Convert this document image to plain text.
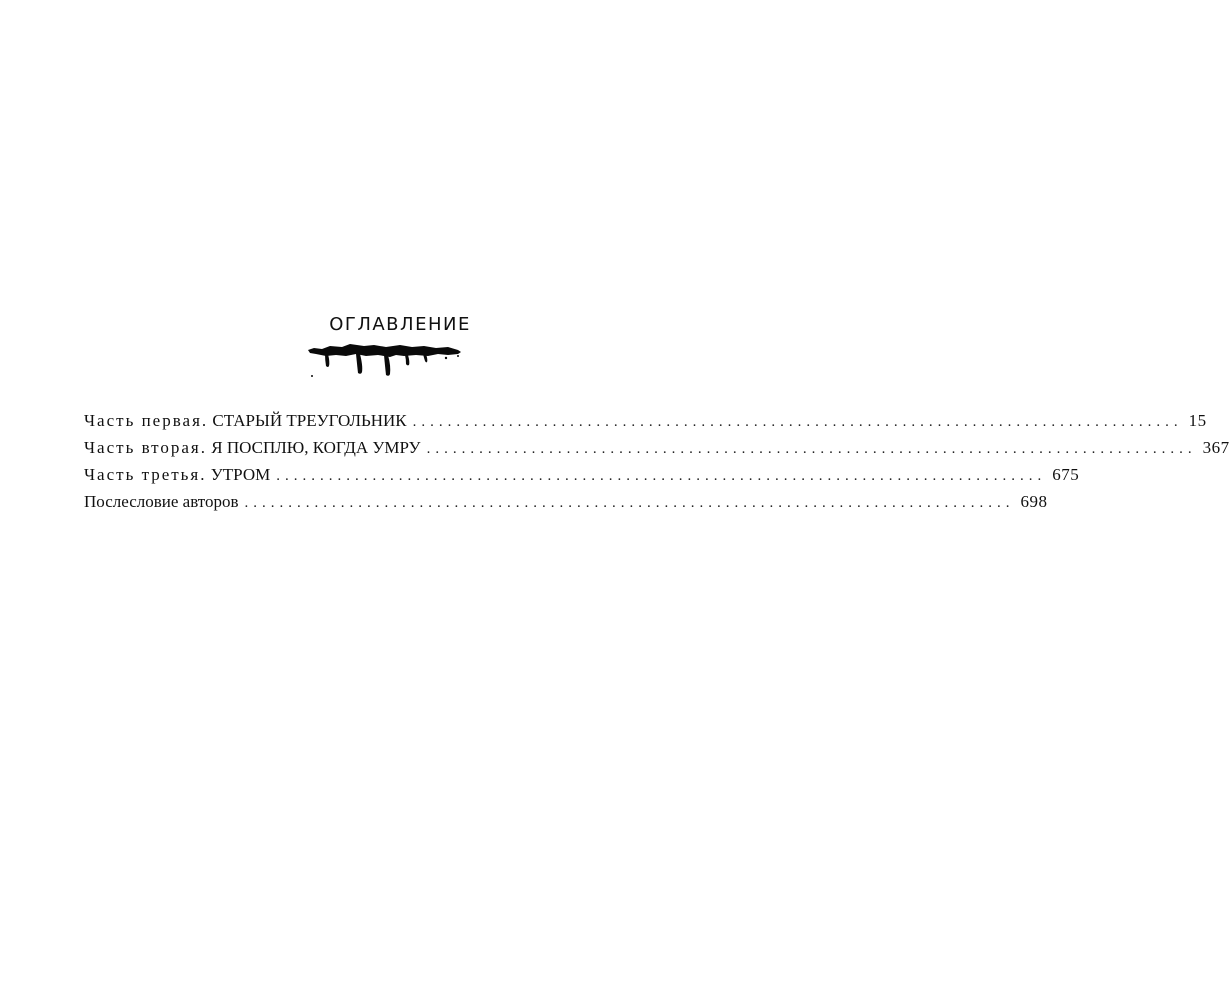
ОГЛАВЛЕНИЕ
Часть первая.
СТАРЫЙ ТРЕУГОЛЬНИК ........................................................................................ 15
Часть вторая.
Я ПОСПЛЮ, КОГДА УМРУ ........................................................................................ 367
Часть третья.
УТРОМ ........................................................................................ 675
Послесловие авторов ........................................................................................ 698
